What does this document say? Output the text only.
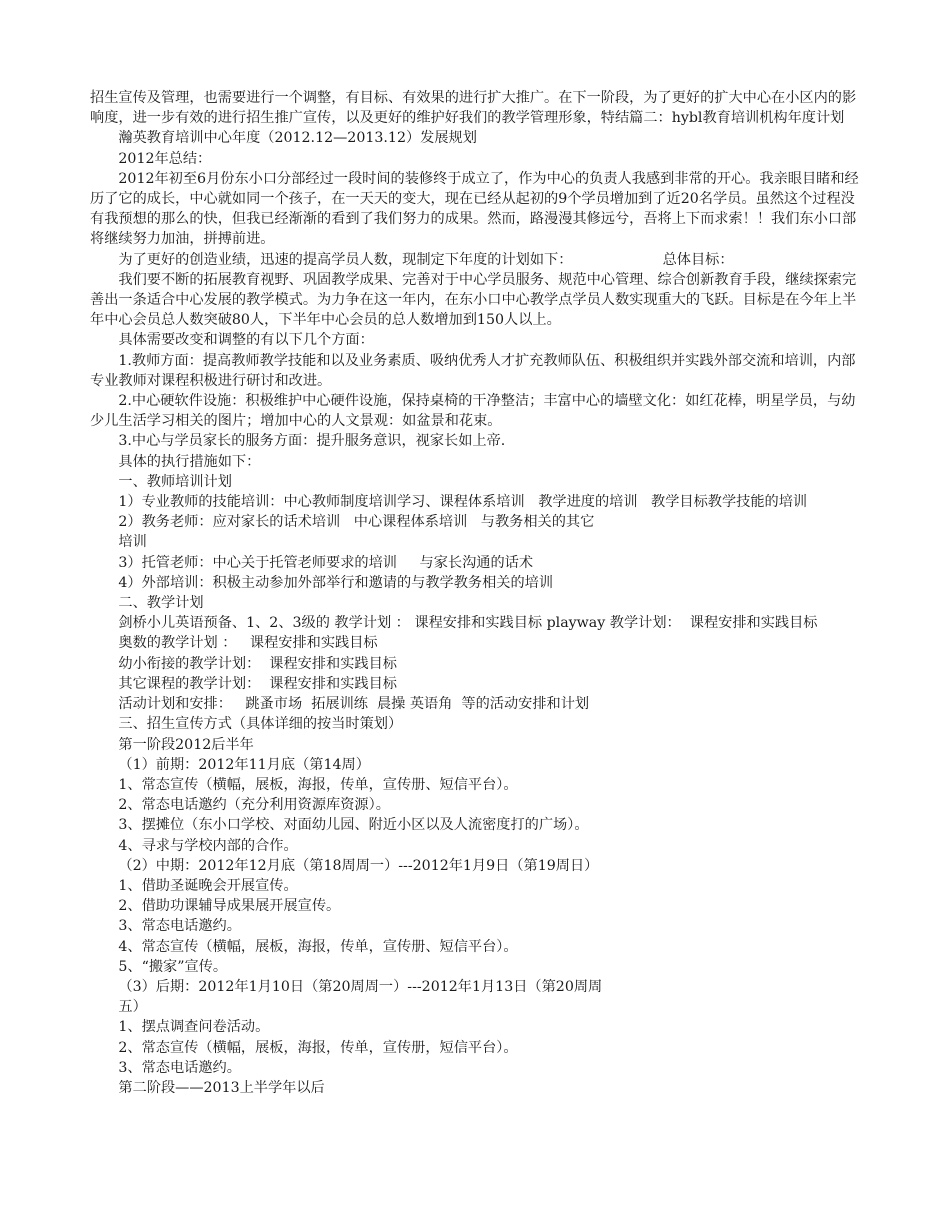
招生宣传及管理，也需要进行一个调整，有目标、有效果的进行扩大推广。在下一阶段，为了更好的扩大中心在小区内的影响度，进一步有效的进行招生推广宣传，以及更好的维护好我们的教学管理形象，特结篇二：hybl教育培训机构年度计划

瀚英教育培训中心年度（2012.12—2013.12）发展规划

2012年总结：

2012年初至6月份东小口分部经过一段时间的装修终于成立了，作为中心的负责人我感到非常的开心。我亲眼目睹和经历了它的成长，中心就如同一个孩子，在一天天的变大，现在已经从起初的9个学员增加到了近20名学员。虽然这个过程没有我预想的那么的快，但我已经渐渐的看到了我们努力的成果。然而，路漫漫其修远兮，吾将上下而求索！！我们东小口部将继续努力加油，拼搏前进。

为了更好的创造业绩，迅速的提高学员人数，现制定下年度的计划如下：                    总体目标：

我们要不断的拓展教育视野、巩固教学成果、完善对于中心学员服务、规范中心管理、综合创新教育手段，继续探索完善出一条适合中心发展的教学模式。为力争在这一年内，在东小口中心教学点学员人数实现重大的飞跃。目标是在今年上半年中心会员总人数突破80人，下半年中心会员的总人数增加到150人以上。

具体需要改变和调整的有以下几个方面：

1.教师方面：提高教师教学技能和以及业务素质、吸纳优秀人才扩充教师队伍、积极组织并实践外部交流和培训，内部专业教师对课程积极进行研讨和改进。

2.中心硬软件设施：积极维护中心硬件设施，保持桌椅的干净整洁；丰富中心的墙壁文化：如红花棒，明星学员，与幼少儿生活学习相关的图片；增加中心的人文景观：如盆景和花束。

3.中心与学员家长的服务方面：提升服务意识，视家长如上帝.

具体的执行措施如下：

一、教师培训计划

1）专业教师的技能培训：中心教师制度培训学习、课程体系培训   教学进度的培训   教学目标教学技能的培训

2）教务老师：应对家长的话术培训   中心课程体系培训   与教务相关的其它

培训

3）托管老师：中心关于托管老师要求的培训     与家长沟通的话术

4）外部培训：积极主动参加外部举行和邀请的与教学教务相关的培训

二、教学计划

剑桥小儿英语预备、1、2、3级的 教学计划 ： 课程安排和实践目标 playway 教学计划：  课程安排和实践目标

奥数的教学计划 ：   课程安排和实践目标

幼小衔接的教学计划：  课程安排和实践目标

其它课程的教学计划：  课程安排和实践目标

活动计划和安排：   跳蚤市场  拓展训练  晨操 英语角  等的活动安排和计划

三、招生宣传方式（具体详细的按当时策划）

第一阶段2012后半年

（1）前期：2012年11月底（第14周）

1、常态宣传（横幅，展板，海报，传单，宣传册、短信平台）。

2、常态电话邀约（充分利用资源库资源）。

3、摆摊位（东小口学校、对面幼儿园、附近小区以及人流密度打的广场）。

4、寻求与学校内部的合作。

（2）中期：2012年12月底（第18周周一）---2012年1月9日（第19周日）

1、借助圣诞晚会开展宣传。

2、借助功课辅导成果展开展宣传。

3、常态电话邀约。

4、常态宣传（横幅，展板，海报，传单，宣传册、短信平台）。

5、“搬家”宣传。

（3）后期：2012年1月10日（第20周周一）---2012年1月13日（第20周周

五）

1、摆点调查问卷活动。

2、常态宣传（横幅，展板，海报，传单，宣传册，短信平台）。

3、常态电话邀约。

第二阶段——2013上半学年以后
